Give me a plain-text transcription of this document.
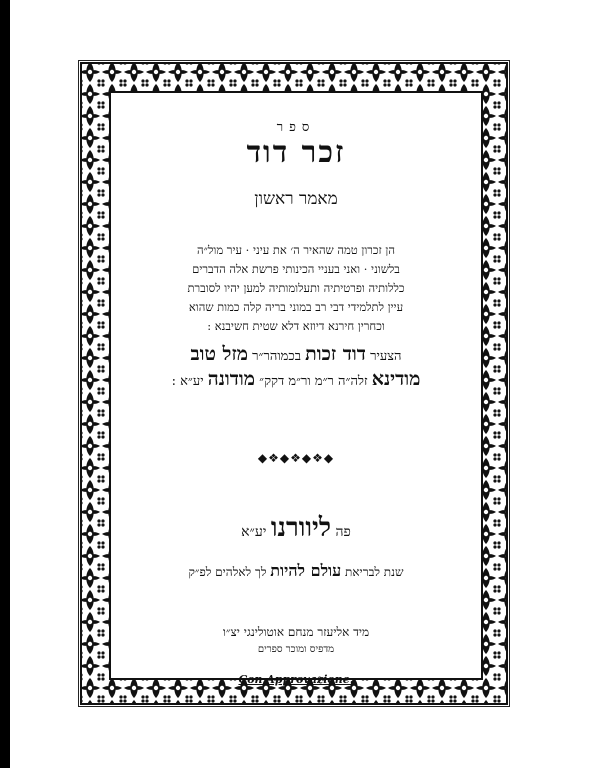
ספר
זכר דוד
מאמר ראשון
הן זכרון טמה שהאיר ה׳ את עיני · עיר מול״ה
בלשוני · ואני בעניי הכינותי פרשת אלה הדברים
כללותיה ופרטיתיה ותעלומותיה למען יהיו לסוברת
עיין לתלמידי דבי רב במוני בריה קלה כמות שהוא
וכחרין חירנא דיוזא דלא שטית חשיבנא :
הצעיר דוד זכות בכמוהר״ר מזל טוב
מודינא זלה״ה ר״מ ור״מ דקק״ מודונה יע״א :
◆❖◆❖◆❖◆
פה ליוורנו יע״א
שנת לבריאת עולם להיות לך לאלהים לפ״ק
מיד אליעזר מנחם אוטולינגי יצ״ו
מדפיס ומוכר ספרים
Con Approvazione.
